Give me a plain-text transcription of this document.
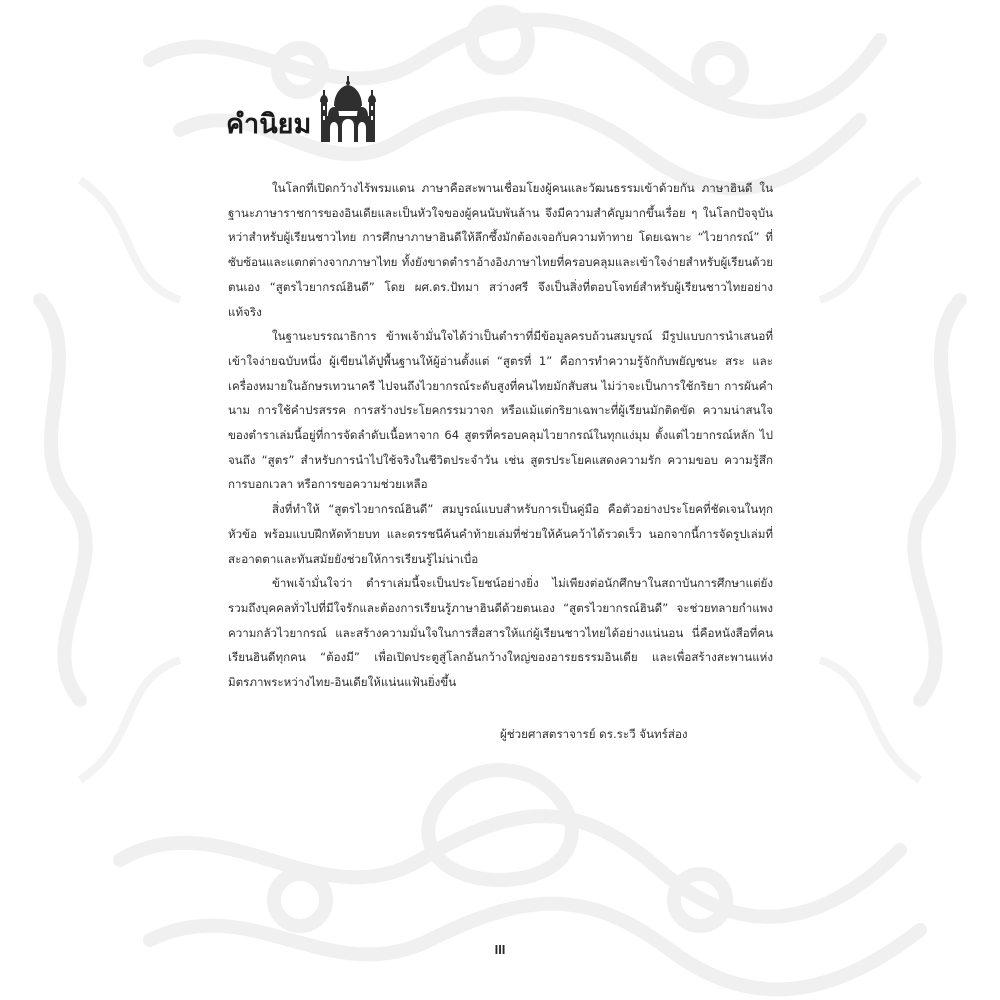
คำนิยม

ในโลกที่เปิดกว้างไร้พรมแดน ภาษาคือสะพานเชื่อมโยงผู้คนและวัฒนธรรมเข้าด้วยกัน ภาษาฮินดี ในฐานะภาษาราชการของอินเดียและเป็นหัวใจของผู้คนนับพันล้าน จึงมีความสำคัญมากขึ้นเรื่อย ๆ ในโลกปัจจุบัน หว่าสำหรับผู้เรียนชาวไทย การศึกษาภาษาฮินดีให้ลึกซึ้งมักต้องเจอกับความท้าทาย โดยเฉพาะ “ไวยากรณ์” ที่ซับซ้อนและแตกต่างจากภาษาไทย ทั้งยังขาดตำราอ้างอิงภาษาไทยที่ครอบคลุมและเข้าใจง่ายสำหรับผู้เรียนด้วยตนเอง “สูตรไวยากรณ์ฮินดี” โดย ผศ.ดร.ปัทมา สว่างศรี จึงเป็นสิ่งที่ตอบโจทย์สำหรับผู้เรียนชาวไทยอย่างแท้จริง

ในฐานะบรรณาธิการ ข้าพเจ้ามั่นใจได้ว่าเป็นตำราที่มีข้อมูลครบถ้วนสมบูรณ์ มีรูปแบบการนำเสนอที่เข้าใจง่ายฉบับหนึ่ง ผู้เขียนได้ปูพื้นฐานให้ผู้อ่านตั้งแต่ “สูตรที่ 1” คือการทำความรู้จักกับพยัญชนะ สระ และเครื่องหมายในอักษรเทวนาครี ไปจนถึงไวยากรณ์ระดับสูงที่คนไทยมักสับสน ไม่ว่าจะเป็นการใช้กริยา การผันคำนาม การใช้คำปรสรรค การสร้างประโยคกรรมวาจก หรือแม้แต่กริยาเฉพาะที่ผู้เรียนมักติดขัด ความน่าสนใจของตำราเล่มนี้อยู่ที่การจัดลำดับเนื้อหาจาก 64 สูตรที่ครอบคลุมไวยากรณ์ในทุกแง่มุม ตั้งแต่ไวยากรณ์หลัก ไปจนถึง “สูตร” สำหรับการนำไปใช้จริงในชีวิตประจำวัน เช่น สูตรประโยคแสดงความรัก ความขอบ ความรู้สึก การบอกเวลา หรือการขอความช่วยเหลือ

สิ่งที่ทำให้ “สูตรไวยากรณ์ฮินดี” สมบูรณ์แบบสำหรับการเป็นคู่มือ คือตัวอย่างประโยคที่ชัดเจนในทุกหัวข้อ พร้อมแบบฝึกหัดท้ายบท และดรรชนีค้นคำท้ายเล่มที่ช่วยให้ค้นคว้าได้รวดเร็ว นอกจากนี้การจัดรูปเล่มที่สะอาดตาและทันสมัยยังช่วยให้การเรียนรู้ไม่น่าเบื่อ

ข้าพเจ้ามั่นใจว่า ตำราเล่มนี้จะเป็นประโยชน์อย่างยิ่ง ไม่เพียงต่อนักศึกษาในสถาบันการศึกษาแต่ยังรวมถึงบุคคลทั่วไปที่มีใจรักและต้องการเรียนรู้ภาษาฮินดีด้วยตนเอง “สูตรไวยากรณ์ฮินดี” จะช่วยทลายกำแพงความกลัวไวยากรณ์ และสร้างความมั่นใจในการสื่อสารให้แก่ผู้เรียนชาวไทยได้อย่างแน่นอน นี่คือหนังสือที่คนเรียนฮินดีทุกคน “ต้องมี” เพื่อเปิดประตูสู่โลกอันกว้างใหญ่ของอารยธรรมอินเดีย และเพื่อสร้างสะพานแห่งมิตรภาพระหว่างไทย-อินเดียให้แน่นแฟ้นยิ่งขึ้น

ผู้ช่วยศาสตราจารย์ ดร.ระวี จันทร์ส่อง
III
